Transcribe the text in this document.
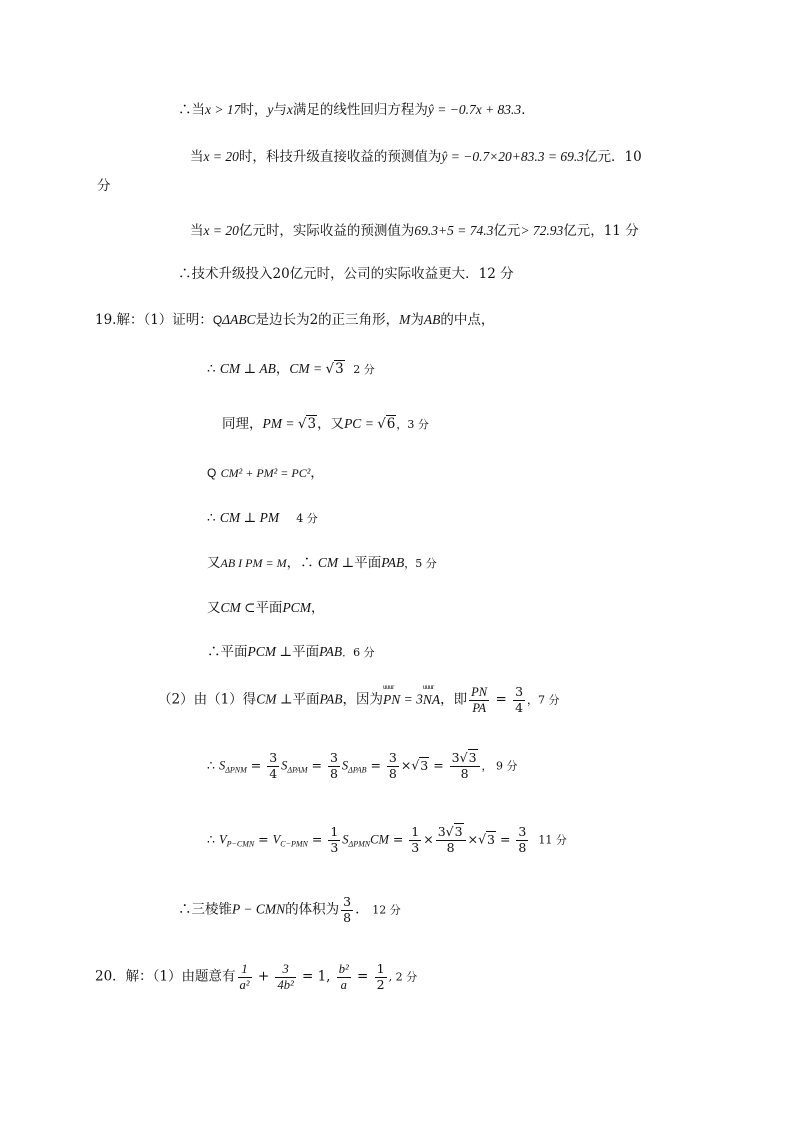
∴当x > 17时，y与x满足的线性回归方程为ŷ = −0.7x + 83.3．
当x = 20时，科技升级直接收益的预测值为ŷ = −0.7×20+83.3 = 69.3亿元．10
分
当x = 20亿元时，实际收益的预测值为69.3+5 = 74.3亿元> 72.93亿元，11 分
∴技术升级投入20亿元时，公司的实际收益更大．12 分
19.解：（1）证明：QΔABC是边长为2的正三角形，M为AB的中点，
∴ CM ⊥ AB，CM = √3 2 分
同理，PM = √3，又PC = √6，3 分
Q CM² + PM² = PC²，
∴ CM ⊥ PM 4 分
又AB I PM = M，∴ CM ⊥平面PAB，5 分
又CM ⊂平面PCM，
∴平面PCM ⊥平面PAB．6 分
（2）由（1）得CM ⊥平面PAB，因为uuur PN = 3uuur NA，即 $\frac{PN}{PA} = \frac{3}{4}$ ，7 分
∴ $S_{\Delta PNM} = \frac{3}{4} S_{\Delta PAM} = \frac{3}{8} S_{\Delta PAB} = \frac{3}{8} \times√3 = \frac{3√3}{8}$ ， 9 分
∴ $V_{P-CMN} = V_{C-PMN} = \frac{1}{3} S_{\Delta PMN}CM = \frac{1}{3} \times \frac{3√3}{8} \times√3 = \frac{3}{8} 11$ 分
∴三棱锥P − CMN的体积为 $\frac{3}{8}$ . 12 分
20．解：（1）由题意有 $\frac{1}{\text{a²}} + \frac{3}{\text{4b²}} = 1$, $\frac{\text{b²}}{a} = \frac{1}{2}$ , 2 分
